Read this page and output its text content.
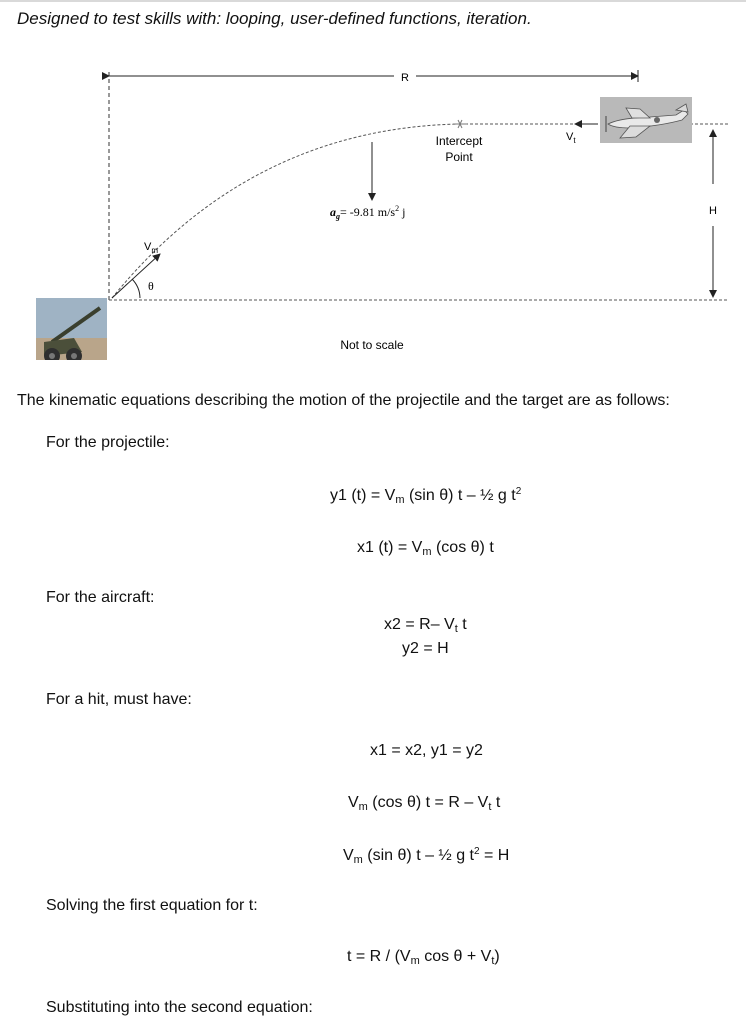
Designed to test skills with: looping, user-defined functions, iteration.
R
Intercept
Point
$V_t$
H
$a_g= -9.81$ $m/s^2$ j
$V_m$
θ
Not to scale
The kinematic equations describing the motion of the projectile and the target are as follows:
For the projectile:
y1 $(t) = V_m$ (sin θ) t – ½ g $t^2$
x1 $(t) = V_m$ (cos θ) t
For the aircraft:
x2 = R– $V_t$ t
y2 = H
For a hit, must have:
x1 = x2, y1 = y2
$V_m$ (cos θ) $t = R - V_t$ t
$V_m$ (sin θ) t – ½ g $t^2 = H$
Solving the first equation for t:
$t = R / (V_m$ $\cos \theta + V_t$)
Substituting into the second equation:
